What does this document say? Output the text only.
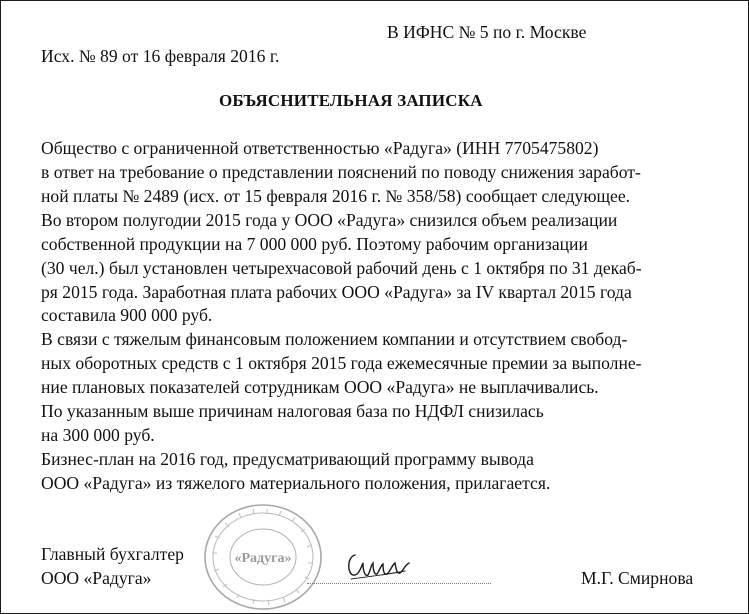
В ИФНС № 5 по г. Москве
Исх. № 89 от 16 февраля 2016 г.
ОБЪЯСНИТЕЛЬНАЯ ЗАПИСКА
Общество с ограниченной ответственностью «Радуга» (ИНН 7705475802)
в ответ на требование о представлении пояснений по поводу снижения заработ-
ной платы № 2489 (исх. от 15 февраля 2016 г. № 358/58) сообщает следующее.
Во втором полугодии 2015 года у ООО «Радуга» снизился объем реализации
собственной продукции на 7 000 000 руб. Поэтому рабочим организации
(30 чел.) был установлен четырехчасовой рабочий день с 1 октября по 31 декаб-
ря 2015 года. Заработная плата рабочих ООО «Радуга» за IV квартал 2015 года
составила 900 000 руб.
В связи с тяжелым финансовым положением компании и отсутствием свобод-
ных оборотных средств с 1 октября 2015 года ежемесячные премии за выполне-
ние плановых показателей сотрудникам ООО «Радуга» не выплачивались.
По указанным выше причинам налоговая база по НДФЛ снизилась
на 300 000 руб.
Бизнес-план на 2016 год, предусматривающий программу вывода
ООО «Радуга» из тяжелого материального положения, прилагается.
«Радуга»
Главный бухгалтер
ООО «Радуга»	М.Г. Смирнова
